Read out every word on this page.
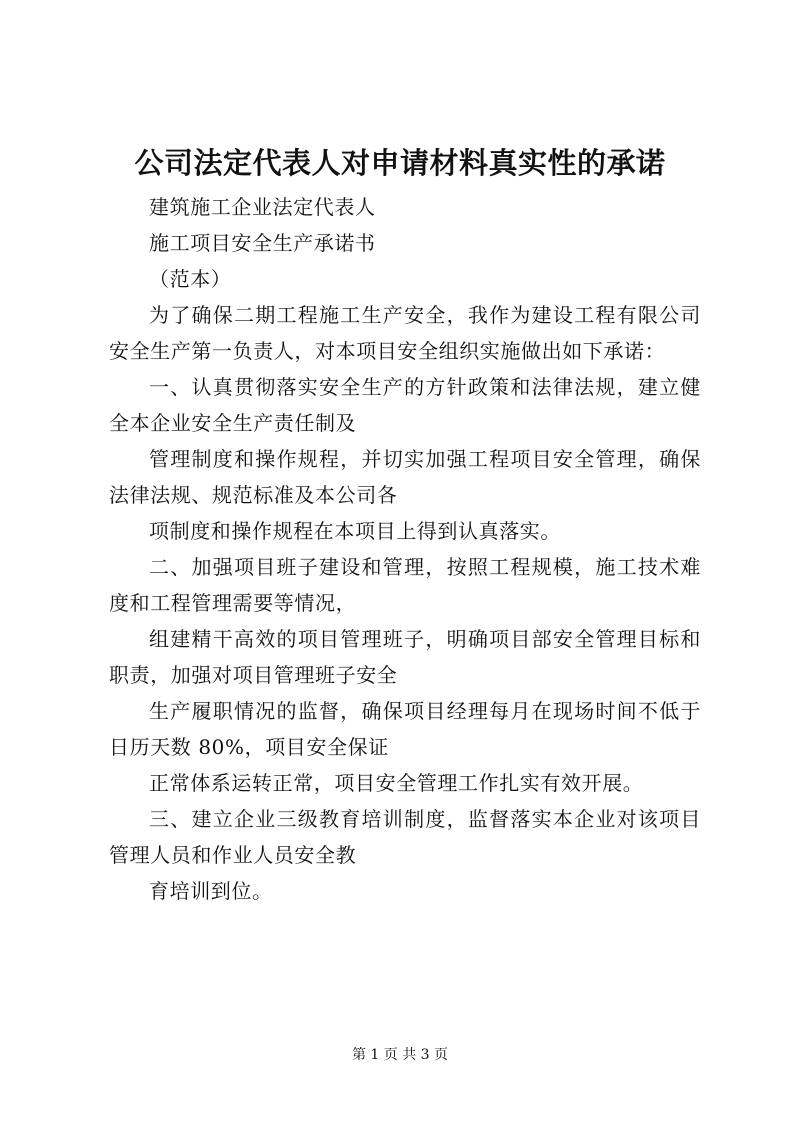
公司法定代表人对申请材料真实性的承诺

建筑施工企业法定代表人

施工项目安全生产承诺书

（范本）

为了确保二期工程施工生产安全，我作为建设工程有限公司安全生产第一负责人，对本项目安全组织实施做出如下承诺：

一、认真贯彻落实安全生产的方针政策和法律法规，建立健全本企业安全生产责任制及

管理制度和操作规程，并切实加强工程项目安全管理，确保法律法规、规范标准及本公司各

项制度和操作规程在本项目上得到认真落实。

二、加强项目班子建设和管理，按照工程规模，施工技术难度和工程管理需要等情况，

组建精干高效的项目管理班子，明确项目部安全管理目标和职责，加强对项目管理班子安全

生产履职情况的监督，确保项目经理每月在现场时间不低于日历天数 80%，项目安全保证

正常体系运转正常，项目安全管理工作扎实有效开展。

三、建立企业三级教育培训制度，监督落实本企业对该项目管理人员和作业人员安全教

育培训到位。

第 1 页 共 3 页
